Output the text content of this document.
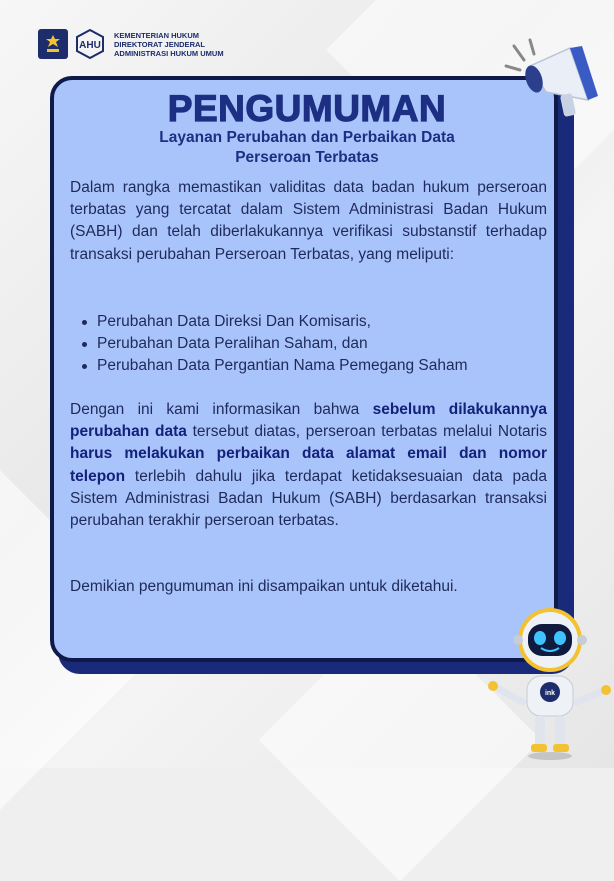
AHU
KEMENTERIAN HUKUM
DIREKTORAT JENDERAL
ADMINISTRASI HUKUM UMUM
PENGUMUMAN
Layanan Perubahan dan Perbaikan Data
Perseroan Terbatas
Dalam rangka memastikan validitas data badan hukum perseroan terbatas yang tercatat dalam Sistem Administrasi Badan Hukum (SABH) dan telah diberlakukannya verifikasi substanstif terhadap transaksi perubahan Perseroan Terbatas, yang meliputi:
Perubahan Data Direksi Dan Komisaris,
Perubahan Data Peralihan Saham, dan
Perubahan Data Pergantian Nama Pemegang Saham
Dengan ini kami informasikan bahwa sebelum dilakukannya perubahan data tersebut diatas, perseroan terbatas melalui Notaris harus melakukan perbaikan data alamat email dan nomor telepon terlebih dahulu jika terdapat ketidaksesuaian data pada Sistem Administrasi Badan Hukum (SABH) berdasarkan transaksi perubahan terakhir perseroan terbatas.
Demikian pengumuman ini disampaikan untuk diketahui.
ink
